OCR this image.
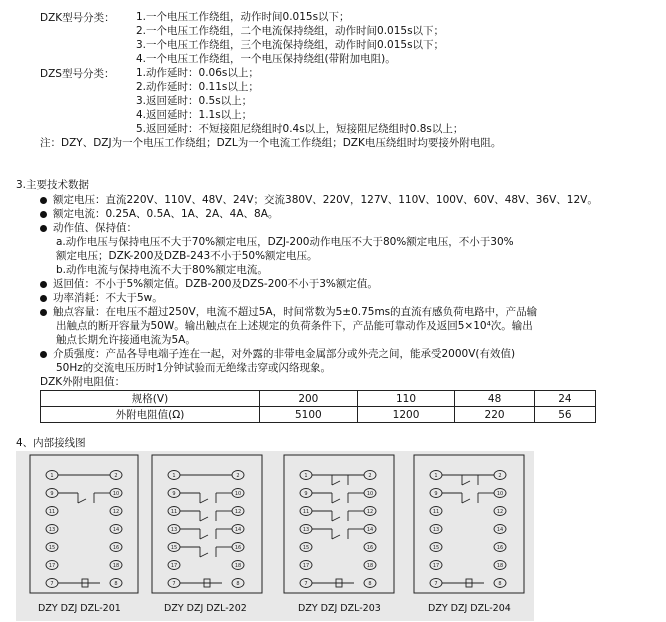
DZK型号分类： 1.一个电压工作绕组，动作时间0.015s以下；
2.一个电压工作绕组，二个电流保持绕组，动作时间0.015s以下；
3.一个电压工作绕组，三个电流保持绕组，动作时间0.015s以下；
4.一个电压工作绕组，一个电压保持绕组(带附加电阻)。
DZS型号分类： 1.动作延时：0.06s以上；
2.动作延时：0.11s以上；
3.返回延时：0.5s以上；
4.返回延时：1.1s以上；
5.返回延时：不短接阻尼绕组时0.4s以上，短接阻尼绕组时0.8s以上；
注：DZY、DZJ为一个电压工作绕组；DZL为一个电流工作绕组；DZK电压绕组时均要接外附电阻。
3.主要技术数据
额定电压：直流220V、110V、48V、24V；交流380V、220V，127V、110V、100V、60V、48V、36V、12V。
额定电流：0.25A、0.5A、1A、2A、4A、8A。
动作值、保持值：
a.动作电压与保持电压不大于70%额定电压，DZJ-200动作电压不大于80%额定电压，不小于30%
额定电压；DZK-200及DZB-243不小于50%额定电压。
b.动作电流与保持电流不大于80%额定电流。
返回值：不小于5%额定值。DZB-200及DZS-200不小于3%额定值。
功率消耗：不大于5w。
触点容量：在电压不超过250V，电流不超过5A，时间常数为5±0.75ms的直流有感负荷电路中，产品输
出触点的断开容量为50W。输出触点在上述规定的负荷条件下，产品能可靠动作及返回5×10⁴次。输出
触点长期允许接通电流为5A。
介质强度：产品各导电端子连在一起，对外露的非带电金属部分或外壳之间，能承受2000V(有效值)
50Hz的交流电压历时1分钟试验而无绝缘击穿或闪络现象。
DZK外附电阻值：
规格(V)	200	110	48	24
外附电阻值(Ω)	5100	1200	220	56
4、内部接线图
1	2
9	10
11	12
13	14
15	16
17	18
7	8
1	2
9	10
11	12
13	14
15	16
17	18
7	8
1	2
9	10
11	12
13	14
15	16
17	18
7	8
1	2
9	10
11	12
13	14
15	16
17	18
7	8
DZY DZJ DZL-201	DZY DZJ DZL-202	DZY DZJ DZL-203	DZY DZJ DZL-204
